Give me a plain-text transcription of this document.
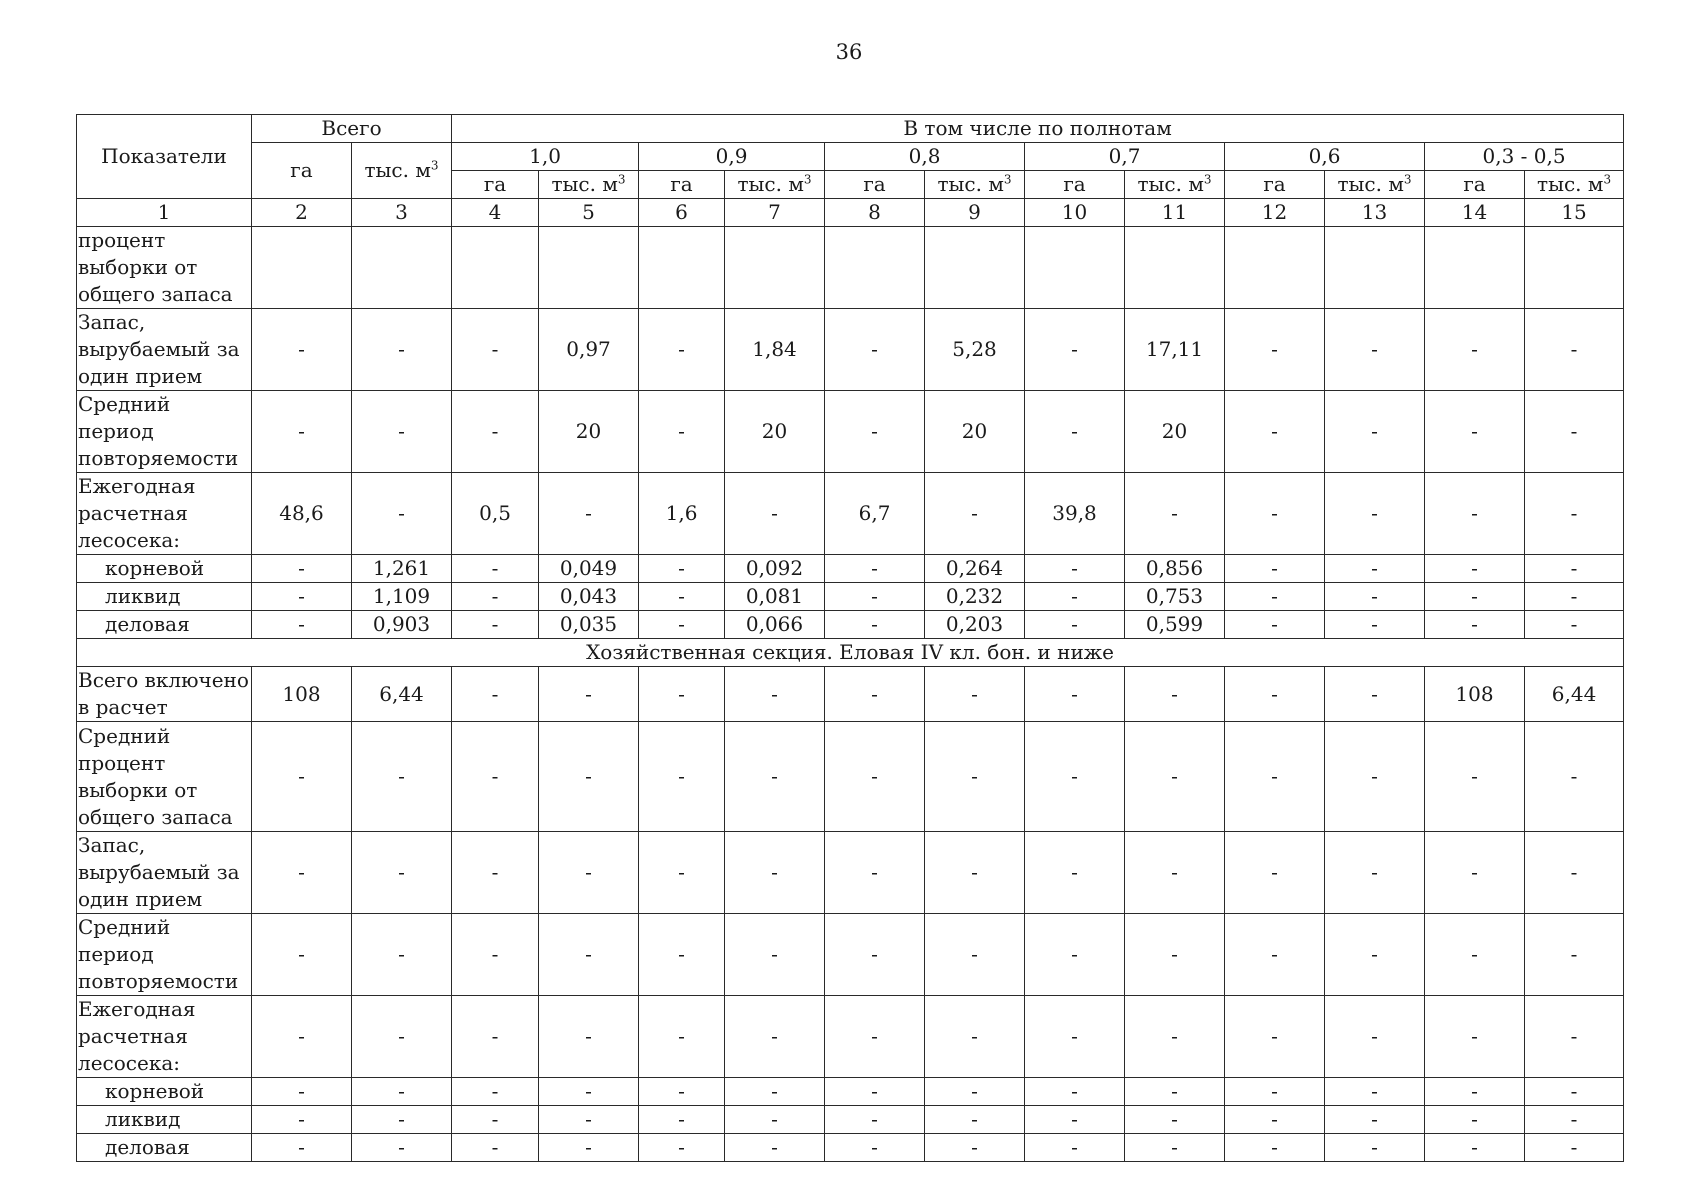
36
Показатели	Всего		В том числе по полнотам											
	га	тыс. $м^3$	1,0		0,9		0,8		0,7		0,6		0,3 - 0,5	
			га	тыс. $м^3$	га	тыс. $м^3$	га	тыс. $м^3$	га	тыс. $м^3$	га	тыс. $м^3$	га	тыс. $м^3$
1	2	3	4	5	6	7	8	9	10	11	12	13	14	15
процент выборки от общего запаса														
Запас, вырубаемый за один прием	-	-	-	0,97	-	1,84	-	5,28	-	17,11	-	-	-	-
Средний период повторяемости	-	-	-	20	-	20	-	20	-	20	-	-	-	-
Ежегодная расчетная лесосека:	48,6	-	0,5	-	1,6	-	6,7	-	39,8	-	-	-	-	-
корневой	-	1,261	-	0,049	-	0,092	-	0,264	-	0,856	-	-	-	-
ликвид	-	1,109	-	0,043	-	0,081	-	0,232	-	0,753	-	-	-	-
деловая	-	0,903	-	0,035	-	0,066	-	0,203	-	0,599	-	-	-	-
Хозяйственная секция. Еловая IV кл. бон. и ниже														
Всего включено в расчет	108	6,44	-	-	-	-	-	-	-	-	-	-	108	6,44
Средний процент выборки от общего запаса	-	-	-	-	-	-	-	-	-	-	-	-	-	-
Запас, вырубаемый за один прием	-	-	-	-	-	-	-	-	-	-	-	-	-	-
Средний период повторяемости	-	-	-	-	-	-	-	-	-	-	-	-	-	-
Ежегодная расчетная лесосека:	-	-	-	-	-	-	-	-	-	-	-	-	-	-
корневой	-	-	-	-	-	-	-	-	-	-	-	-	-	-
ликвид	-	-	-	-	-	-	-	-	-	-	-	-	-	-
деловая	-	-	-	-	-	-	-	-	-	-	-	-	-	-
